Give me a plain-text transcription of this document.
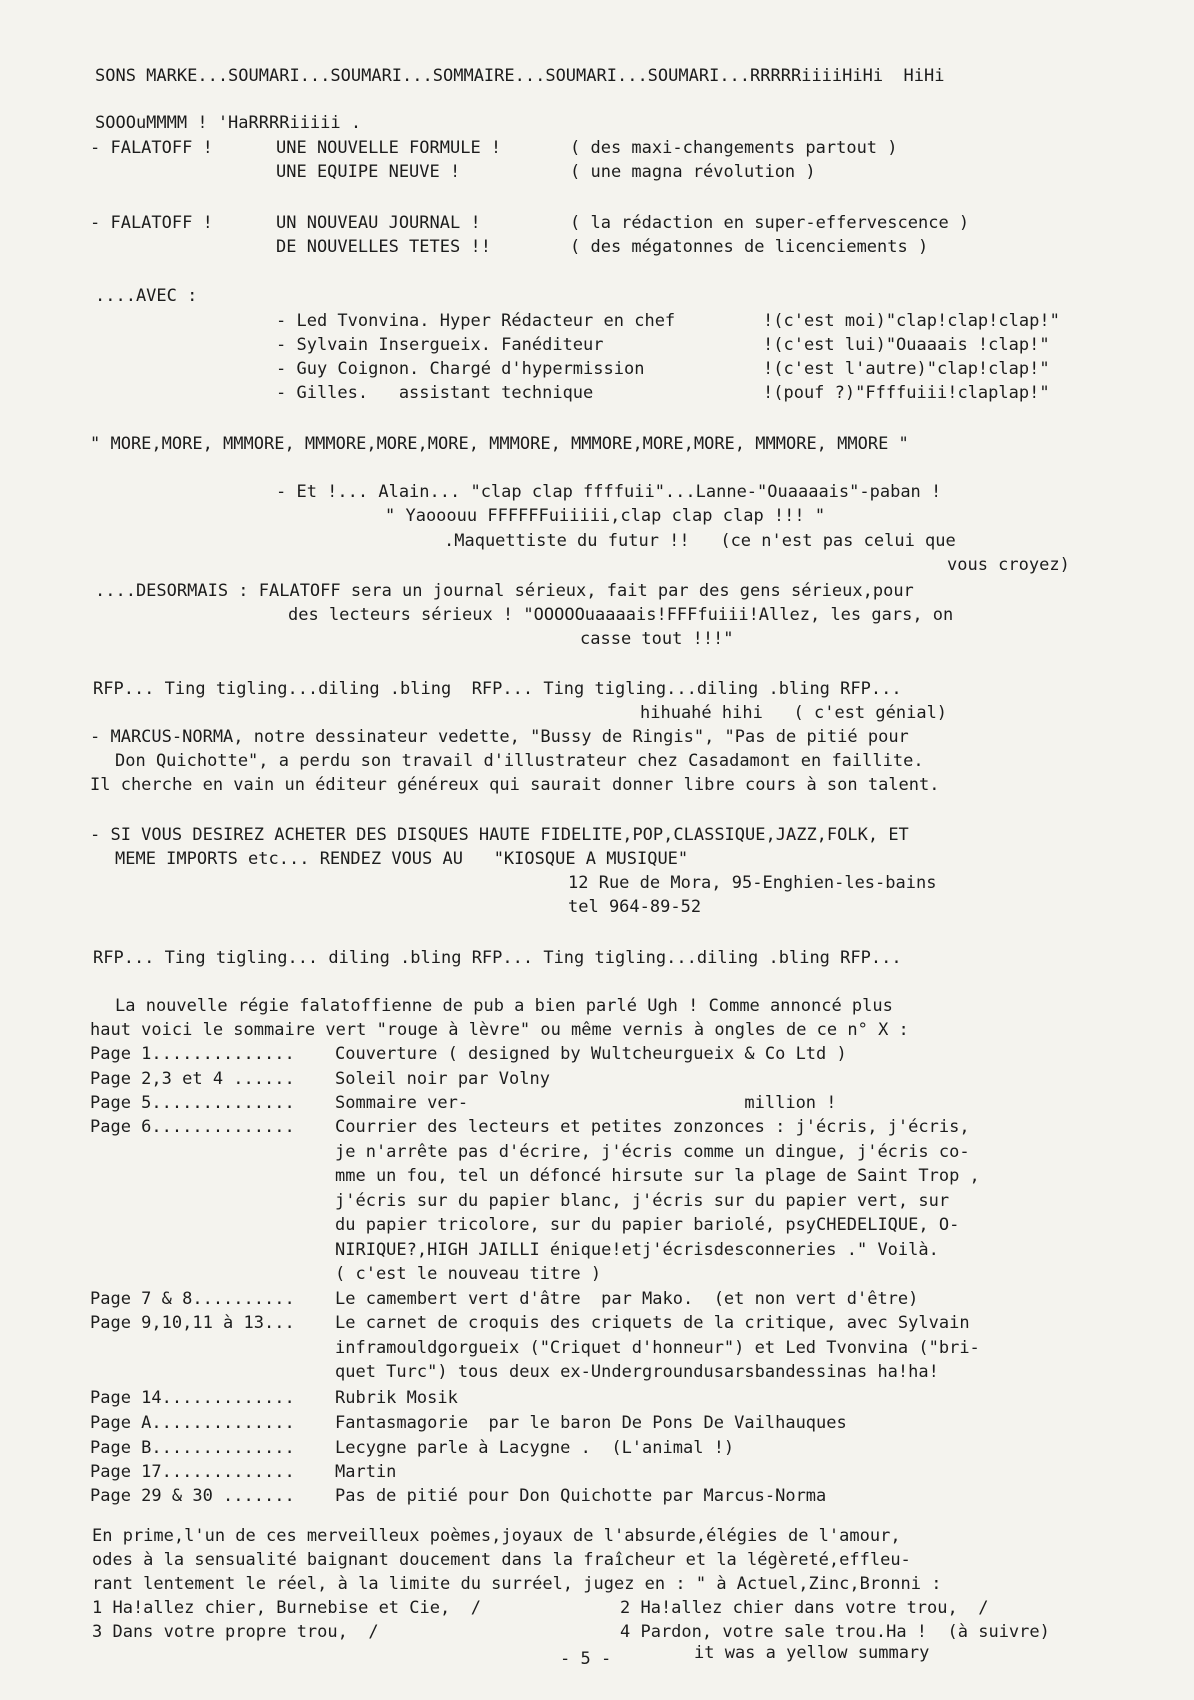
SONS MARKE...SOUMARI...SOUMARI...SOMMAIRE...SOUMARI...SOUMARI...RRRRRiiiiHiHi  HiHi
SOOOuMMMM ! 'HaRRRRiiiii .
- FALATOFF !	UNE NOUVELLE FORMULE !	( des maxi-changements partout )
UNE EQUIPE NEUVE !	( une magna révolution )
- FALATOFF !	UN NOUVEAU JOURNAL !	( la rédaction en super-effervescence )
DE NOUVELLES TETES !!	( des mégatonnes de licenciements )
....AVEC :
- Led Tvonvina. Hyper Rédacteur en chef	!(c'est moi)"clap!clap!clap!"
- Sylvain Insergueix. Fanéditeur	!(c'est lui)"Ouaaais !clap!"
- Guy Coignon. Chargé d'hypermission	!(c'est l'autre)"clap!clap!"
- Gilles.   assistant technique	!(pouf ?)"Ffffuiii!claplap!"
" MORE,MORE, MMMORE, MMMORE,MORE,MORE, MMMORE, MMMORE,MORE,MORE, MMMORE, MMORE "
- Et !... Alain... "clap clap ffffuii"...Lanne-"Ouaaaais"-paban !
" Yaooouu FFFFFFuiiiii,clap clap clap !!! "
.Maquettiste du futur !!   (ce n'est pas celui que
vous croyez)
....DESORMAIS : FALATOFF sera un journal sérieux, fait par des gens sérieux,pour
des lecteurs sérieux ! "OOOOOuaaaais!FFFfuiii!Allez, les gars, on
casse tout !!!"
RFP... Ting tigling...diling .bling  RFP... Ting tigling...diling .bling RFP...
hihuahé hihi   ( c'est génial)
- MARCUS-NORMA, notre dessinateur vedette, "Bussy de Ringis", "Pas de pitié pour
Don Quichotte", a perdu son travail d'illustrateur chez Casadamont en faillite.
Il cherche en vain un éditeur généreux qui saurait donner libre cours à son talent.
- SI VOUS DESIREZ ACHETER DES DISQUES HAUTE FIDELITE,POP,CLASSIQUE,JAZZ,FOLK, ET
MEME IMPORTS etc... RENDEZ VOUS AU   "KIOSQUE A MUSIQUE"
12 Rue de Mora, 95-Enghien-les-bains
tel 964-89-52
RFP... Ting tigling... diling .bling RFP... Ting tigling...diling .bling RFP...
La nouvelle régie falatoffienne de pub a bien parlé Ugh ! Comme annoncé plus
haut voici le sommaire vert "rouge à lèvre" ou même vernis à ongles de ce n° X :
Page 1.............. Couverture ( designed by Wultcheurgueix & Co Ltd )
Page 2,3 et 4 ...... Soleil noir par Volny
Page 5.............. Sommaire ver-                           million !
Page 6.............. Courrier des lecteurs et petites zonzonces : j'écris, j'écris,
je n'arrête pas d'écrire, j'écris comme un dingue, j'écris co-
mme un fou, tel un défoncé hirsute sur la plage de Saint Trop ,
j'écris sur du papier blanc, j'écris sur du papier vert, sur
du papier tricolore, sur du papier bariolé, psyCHEDELIQUE, O-
NIRIQUE?,HIGH JAILLI énique!etj'écrisdesconneries ." Voilà.
( c'est le nouveau titre )
Page 7 & 8.......... Le camembert vert d'âtre  par Mako.  (et non vert d'être)
Page 9,10,11 à 13... Le carnet de croquis des criquets de la critique, avec Sylvain
inframouldgorgueix ("Criquet d'honneur") et Led Tvonvina ("bri-
quet Turc") tous deux ex-Undergroundusarsbandessinas ha!ha!
Page 14............. Rubrik Mosik
Page A.............. Fantasmagorie  par le baron De Pons De Vailhauques
Page B.............. Lecygne parle à Lacygne .  (L'animal !)
Page 17............. Martin
Page 29 & 30 ....... Pas de pitié pour Don Quichotte par Marcus-Norma
En prime,l'un de ces merveilleux poèmes,joyaux de l'absurde,élégies de l'amour,
odes à la sensualité baignant doucement dans la fraîcheur et la légèreté,efflеu-
rant lentement le réel, à la limite du surréel, jugez en : " à Actuel,Zinc,Bronni :
1 Ha!allez chier, Burnebise et Cie,  /	2 Ha!allez chier dans votre trou,  /
3 Dans votre propre trou,  /	4 Pardon, votre sale trou.Ha !  (à suivre)
- 5 -	it was a yellow summary
